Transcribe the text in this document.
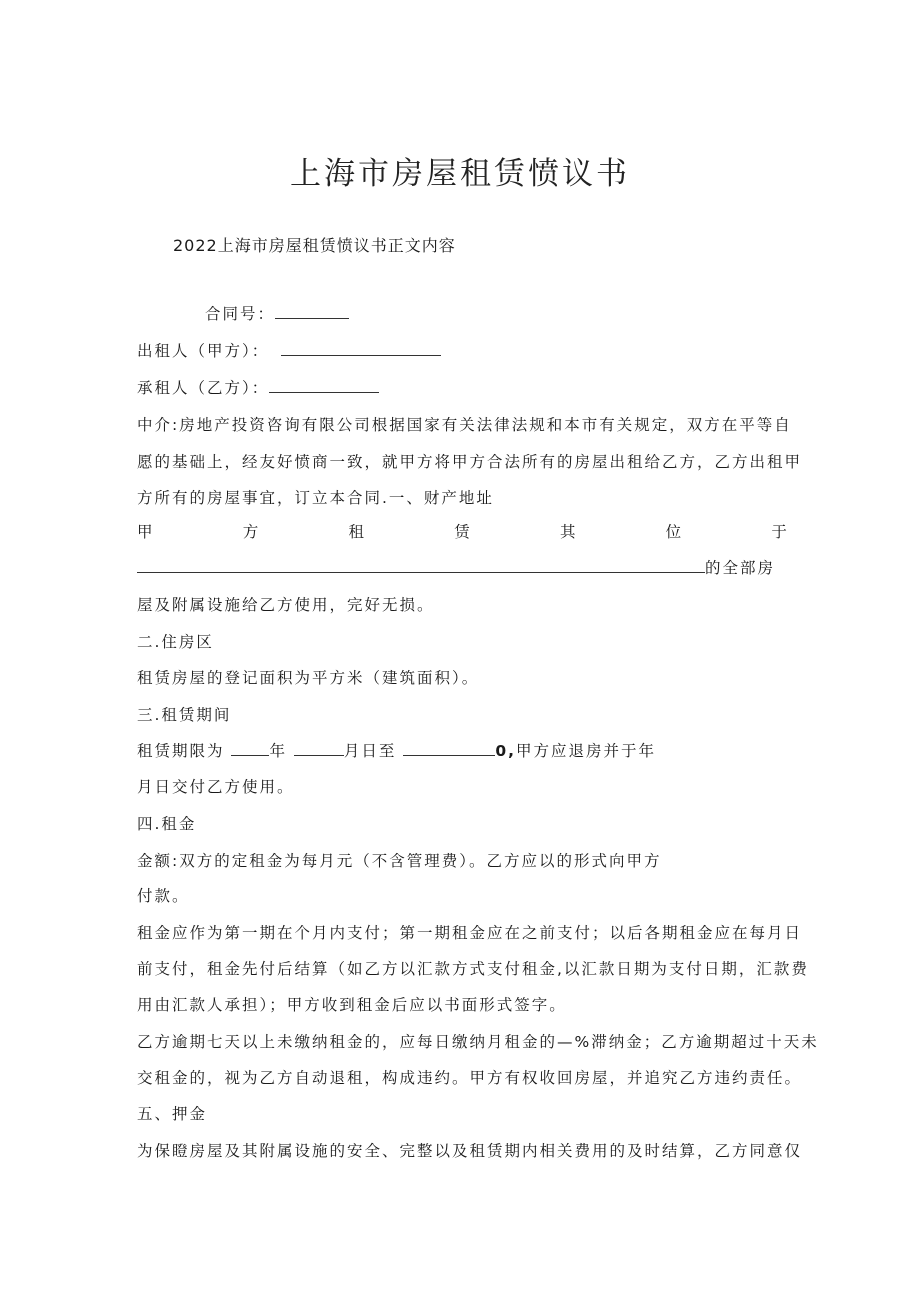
上海市房屋租赁愤议书
2022上海市房屋租赁愤议书正文内容
合同号：
出租人（甲方）：
承租人（乙方）：
中介:房地产投资咨询有限公司根据国家有关法律法规和本市有关规定，双方在平等自
愿的基础上，经友好愤商一致，就甲方将甲方合法所有的房屋出租给乙方，乙方出租甲
方所有的房屋事宜，订立本合同.一、财产地址
甲	方	租	赁	其	位	于
的全部房
屋及附属设施给乙方使用，完好无损。
二.住房区
租赁房屋的登记面积为平方米（建筑面积）。
三.租赁期间
租赁期限为	年	月日至	0,甲方应退房并于年
月日交付乙方使用。
四.租金
金额:双方的定租金为每月元（不含管理费）。乙方应以的形式向甲方
付款。
租金应作为第一期在个月内支付；第一期租金应在之前支付；以后各期租金应在每月日
前支付，租金先付后结算（如乙方以汇款方式支付租金,以汇款日期为支付日期，汇款费
用由汇款人承担）；甲方收到租金后应以书面形式签字。
乙方逾期七天以上未缴纳租金的，应每日缴纳月租金的—%滞纳金；乙方逾期超过十天未
交租金的，视为乙方自动退租，构成违约。甲方有权收回房屋，并追究乙方违约责任。
五、押金
为保瞪房屋及其附属设施的安全、完整以及租赁期内相关费用的及时结算，乙方同意仅
